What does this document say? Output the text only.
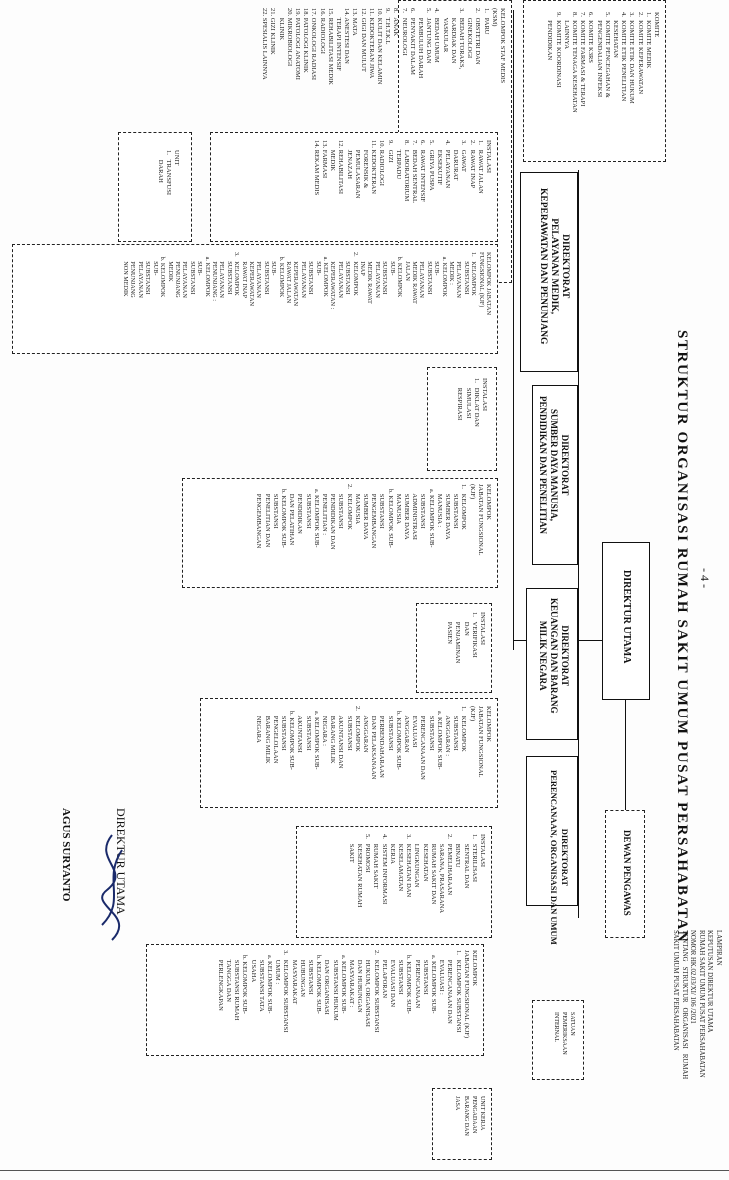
- 4 -
STRUKTUR ORGANISASI RUMAH SAKIT UMUM PUSAT PERSAHABATAN
LAMPIRAN
KEPUTUSAN DIREKTUR UTAMA
RUMAH SAKIT UMUM PUSAT PERSAHABATAN
NOMOR HK.02.03/XI/ 106 /2021
TENTANG   STRUKTUR   ORGANISASI   RUMAH
SAKIT UMUM PUSAT PERSAHABATAN
DIREKTUR UTAMA
DEWAN PENGAWAS
KOMITE
1.  KOMITE MEDIK
2.  KOMITE KEPERAWATAN
3.  KOMITE ETIK DAN HUKUM
4.  KOMITE ETIK PENELITIAN
KESEHATAN
5.  KOMITE PENCEGAHAN &
PENGENDALIAN INFEKSI
6.  KOMITE K3RS
7.  KOMITE FARMASI & TERAPI
8.  KOMITE TENAGA KESEHATAN
LAINNYA
9.  KOMITE KOORDINASI
PENDIDIKAN
KELOMPOK STAF MEDIS
(KSM)
1.   PARU
2.   OBSTETRI DAN
GINEKOLOGI
3.   BEDAH TORAKS,
KARDIAK DAN
VASKULAR
4.   BEDAH UMUM
5.   JANTUNG DAN
PEMBULUH DARAH
6.   PENYAKIT DALAM
7.   NEUROLOGI
8.   ANAK
9.   T.H.T.K.L
10. KULIT DAN KELAMIN
11. KEDOKTERAN JIWA
12. GIGI DAN MULUT
13. MATA
14. ANESTESI DAN
TERAPI INTENSIF
15. REHABILITASI MEDIK
16. RADIOLOGI
17. ONKOLOGI RADIASI
18. PATOLOGI KLINIK
19. PATOLOGI ANATOMI
20. MIKROBIOLOGI
KLINIK
21. GIZI KLINIK
22. SPESIALIS LAINNYA
DIREKTORAT
PELAYANAN MEDIK,
KEPERAWATAN DAN PENUNJANG
INSTALASI
1.   RAWAT JALAN
2.   RAWAT INAP
3.   GAWAT
DARURAT
4.   PELAYANAN
EKSEKUTIF
5.   GRIYA PUSPA
6.   RAWAT INTENSIF
7.   BEDAH SENTRAL
8.   LABORATORIUM
TERPADU
9.   GIZI
10. RADIOLOGI
11. KEDOKTERAN
FORENSIK &
PEMULASARAN
JENAZAH
12. REHABILITASI
MEDIK
13. FARMASI
14. REKAM MEDIS
UNIT
1.   TRANSFUSI
DARAH
KELOMPOK JABATAN
FUNGSIONAL (KJF)
1.   KELOMPOK
SUBSTANSI
PELAYANAN
MEDIK :
a. KELOMPOK
SUB-
SUBSTANSI
PELAYANAN
MEDIK RAWAT
JALAN
b. KELOMPOK
SUB-
SUBSTANSI
PELAYANAN
MEDIK RAWAT
INAP
2.   KELOMPOK
SUBSTANSI
PELAYANAN
KEPERAWATAN :
a. KELOMPOK
SUB-
SUBSTANSI
PELAYANAN
KEPERAWATAN
RAWAT JALAN
b. KELOMPOK
SUB-
SUBSTANSI
PELAYANAN
KEPERAWATAN
RAWAT INAP
3.   KELOMPOK
SUBSTANSI
PELAYANAN
PENUNJANG :
a. KELOMPOK
SUB-
SUBSTANSI
PELAYANAN
PENUNJANG
MEDIK
b. KELOMPOK
SUB-
SUBSTANSI
PELAYANAN
PENUNJANG
NON MEDIK
DIREKTORAT
SUMBER DAYA MANUSIA,
PENDIDIKAN DAN PENELITIAN
INSTALASI
1.   DIKLAT DAN
SIMULASI
RESPIRASI
KELOMPOK
JABATAN FUNGSIONAL
(KJF)
1.   KELOMPOK
SUBSTANSI
SUMBER DAYA
MANUSIA :
a. KELOMPOK SUB-
SUBSTANSI
ADMINISTRASI
SUMBER DAYA
MANUSIA
b. KELOMPOK SUB-
SUBSTANSI
PENGEMBANGAN
SUMBER DAYA
MANUSIA
2.   KELOMPOK
SUBSTANSI
PENDIDIKAN DAN
PENELITIAN :
a. KELOMPOK SUB-
SUBSTANSI
PENDIDIKAN
DAN PELATIHAN
b. KELOMPOK SUB-
SUBSTANSI
PENELITIAN DAN
PENGEMBANGAN
DIREKTORAT
KEUANGAN DAN BARANG
MILIK NEGARA
INSTALASI
1.   VERIFIKASI
DAN
PENJAMINAN
PASIEN
KELOMPOK
JABATAN FUNGSIONAL
(KJF)
1.   KELOMPOK
SUBSTANSI
ANGGARAN :
a. KELOMPOK SUB-
SUBSTANSI
PERENCANAAN DAN
EVALUASI
ANGGARAN
b. KELOMPOK SUB-
SUBSTANSI
PERBENDAHARAAN
DAN PELAKSANAAN
ANGGARAN
2.   KELOMPOK
SUBSTANSI
AKUNTANSI DAN
BARANG MILIK
NEGARA :
a. KELOMPOK SUB-
SUBSTANSI
AKUNTANSI
b. KELOMPOK SUB-
SUBSTANSI
PENGELOLAAN
BARANG MILIK
NEGARA
DIREKTORAT
PERENCANAAN, ORGANISASI DAN UMUM
INSTALASI
1.   STERILISASI
SENTRAL DAN
BINATU
2.   PEMELIHARAAN
SARANA, PRASARANA
RUMAH SAKIT DAN
KESEHATAN
LINGKUNGAN
3.   KESEHATAN DAN
KESELAMATAN
KERJA
4.   SISTEM INFORMASI
RUMAH SAKIT
5.   PROMOSI
KESEHATAN RUMAH
SAKIT
KELOMPOK
JABATAN FUNGSIONAL (KJF)
1.   KELOMPOK SUBSTANSI
PERENCANAAN DAN
EVALUASI :
a. KELOMPOK SUB-
SUBSTANSI
PERENCANAAN
b. KELOMPOK SUB-
SUBSTANSI
EVALUASI DAN
PELAPORAN
2.   KELOMPOK SUBSTANSI
HUKUM, ORGANISASI
DAN HUBUNGAN
MASYARAKAT :
a. KELOMPOK SUB-
SUBSTANSI HUKUM
DAN ORGANISASI
b. KELOMPOK SUB-
SUBSTANSI
HUBUNGAN
MASYARAKAT
3.   KELOMPOK SUBSTANSI
UMUM :
a. KELOMPOK SUB-
SUBSTANSI TATA
USAHA
b. KELOMPOK SUB-
SUBSTANSI RUMAH
TANGGA DAN
PERLENGKAPAN
SATUAN
PEMERIKSAAN
INTERNAL
UNIT KERJA
PENGADAAN
BARANG DAN
JASA
DIREKTUR UTAMA
AGUS SURYANTO
